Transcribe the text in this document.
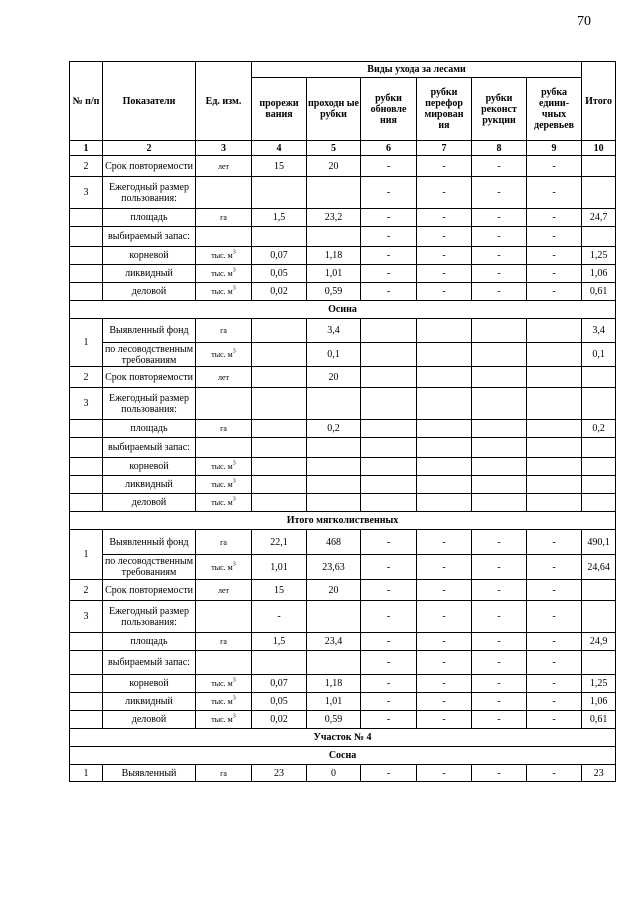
70
№ п/п	Показатели	Ед. изм.	Виды ухода за лесами						Итого
			прорежи вания	проходн ые рубки	рубки обновле ния	рубки перефор мирован ия	рубки реконст рукции	рубка едини- чных деревьев	
1	2	3	4	5	6	7	8	9	10
2	Срок повторяемости	лет	15	20	-	-	-	-	
3	Ежегодный размер пользования:				-	-	-	-	
	площадь	га	1,5	23,2	-	-	-	-	24,7
	выбираемый запас:				-	-	-	-	
	корневой	тыс. $м^3$	0,07	1,18	-	-	-	-	1,25
	ликвидный	тыс. $м^3$	0,05	1,01	-	-	-	-	1,06
	деловой	тыс. $м^3$	0,02	0,59	-	-	-	-	0,61
Осина									
1	Выявленный фонд	га		3,4					3,4
	по лесоводственным требованиям	тыс. $м^3$		0,1					0,1
2	Срок повторяемости	лет		20					
3	Ежегодный размер пользования:								
	площадь	га		0,2					0,2
	выбираемый запас:								
	корневой	тыс. $м^3$							
	ликвидный	тыс. $м^3$							
	деловой	тыс. $м^3$							
Итого мягколиственных									
1	Выявленный фонд	га	22,1	468	-	-	-	-	490,1
	по лесоводственным требованиям	тыс. $м^3$	1,01	23,63	-	-	-	-	24,64
2	Срок повторяемости	лет	15	20	-	-	-	-	
3	Ежегодный размер пользования:		-		-	-	-	-	
	площадь	га	1,5	23,4	-	-	-	-	24,9
	выбираемый запас:				-	-	-	-	
	корневой	тыс. $м^3$	0,07	1,18	-	-	-	-	1,25
	ликвидный	тыс. $м^3$	0,05	1,01	-	-	-	-	1,06
	деловой	тыс. $м^3$	0,02	0,59	-	-	-	-	0,61
Участок № 4									
Сосна									
1	Выявленный	га	23	0	-	-	-	-	23
